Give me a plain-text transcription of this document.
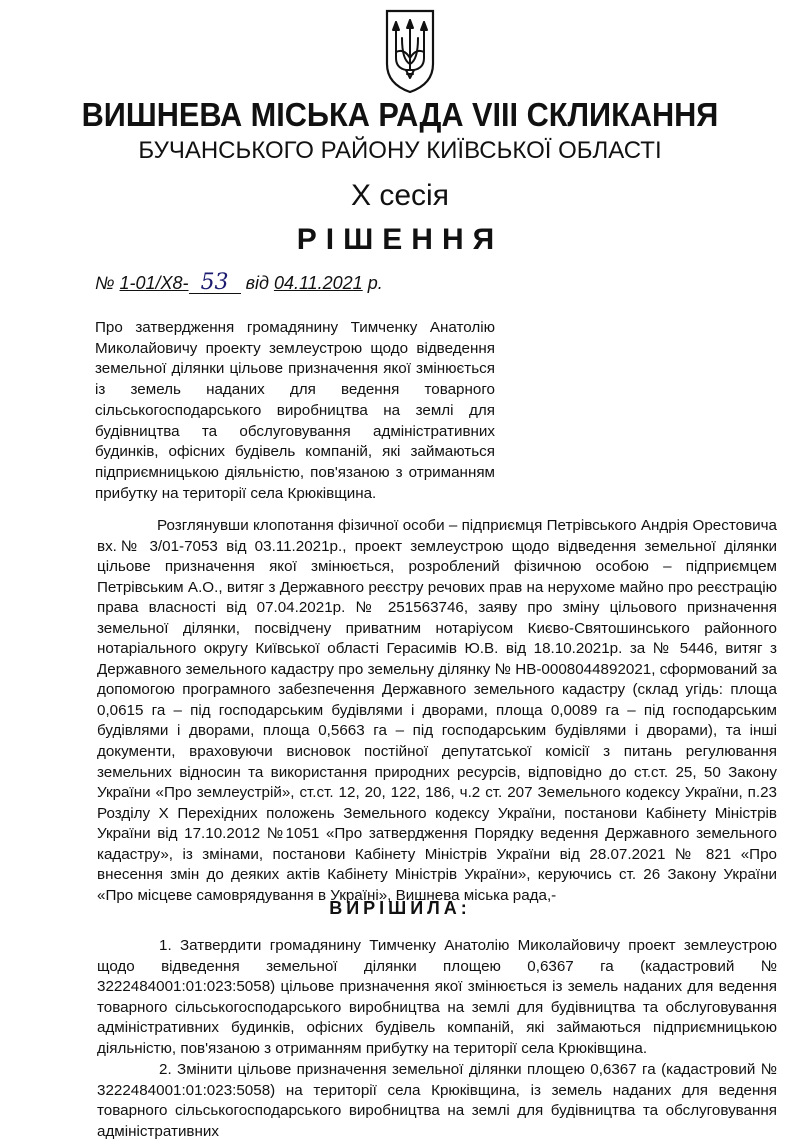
ВИШНЕВА МІСЬКА РАДА VIII СКЛИКАННЯ
БУЧАНСЬКОГО РАЙОНУ КИЇВСЬКОЇ ОБЛАСТІ
Х сесія
РІШЕННЯ
№ 1-01/Х8- 53 від 04.11.2021 р.
Про затвердження громадянину Тимченку Анатолію Миколайовичу проекту землеустрою щодо відведення земельної ділянки цільове призначення якої змінюється із земель наданих для ведення товарного сільськогосподарського виробництва на землі для будівництва та обслуговування адміністративних будинків, офісних будівель компаній, які займаються підприємницькою діяльністю, пов'язаною з отриманням прибутку на території села Крюківщина.
Розглянувши клопотання фізичної особи – підприємця Петрівського Андрія Орестовича вх.№ 3/01-7053 від 03.11.2021р., проект землеустрою щодо відведення земельної ділянки цільове призначення якої змінюється, розроблений фізичною особою – підприємцем Петрівським А.О., витяг з Державного реєстру речових прав на нерухоме майно про реєстрацію права власності від 07.04.2021р. № 251563746, заяву про зміну цільового призначення земельної ділянки, посвідчену приватним нотаріусом Києво-Святошинського районного нотаріального округу Київської області Герасимів Ю.В. від 18.10.2021р. за № 5446, витяг з Державного земельного кадастру про земельну ділянку № НВ-0008044892021, сформований за допомогою програмного забезпечення Державного земельного кадастру (склад угідь: площа 0,0615 га – під господарським будівлями і дворами, площа 0,0089 га – під господарським будівлями і дворами, площа 0,5663 га – під господарським будівлями і дворами), та інші документи, враховуючи висновок постійної депутатської комісії з питань регулювання земельних відносин та використання природних ресурсів, відповідно до ст.ст. 25, 50 Закону України «Про землеустрій», ст.ст. 12, 20, 122, 186, ч.2 ст. 207 Земельного кодексу України, п.23 Розділу Х Перехідних положень Земельного кодексу України, постанови Кабінету Міністрів України від 17.10.2012 №1051 «Про затвердження Порядку ведення Державного земельного кадастру», із змінами, постанови Кабінету Міністрів України від 28.07.2021 № 821 «Про внесення змін до деяких актів Кабінету Міністрів України», керуючись ст. 26 Закону України «Про місцеве самоврядування в Україні», Вишнева міська рада,-
ВИРІШИЛА:
1. Затвердити громадянину Тимченку Анатолію Миколайовичу проект землеустрою щодо відведення земельної ділянки площею 0,6367 га (кадастровий № 3222484001:01:023:5058) цільове призначення якої змінюється із земель наданих для ведення товарного сільськогосподарського виробництва на землі для будівництва та обслуговування адміністративних будинків, офісних будівель компаній, які займаються підприємницькою діяльністю, пов'язаною з отриманням прибутку на території села Крюківщина.
2. Змінити цільове призначення земельної ділянки площею 0,6367 га (кадастровий № 3222484001:01:023:5058) на території села Крюківщина, із земель наданих для ведення товарного сільськогосподарського виробництва на землі для будівництва та обслуговування адміністративних
